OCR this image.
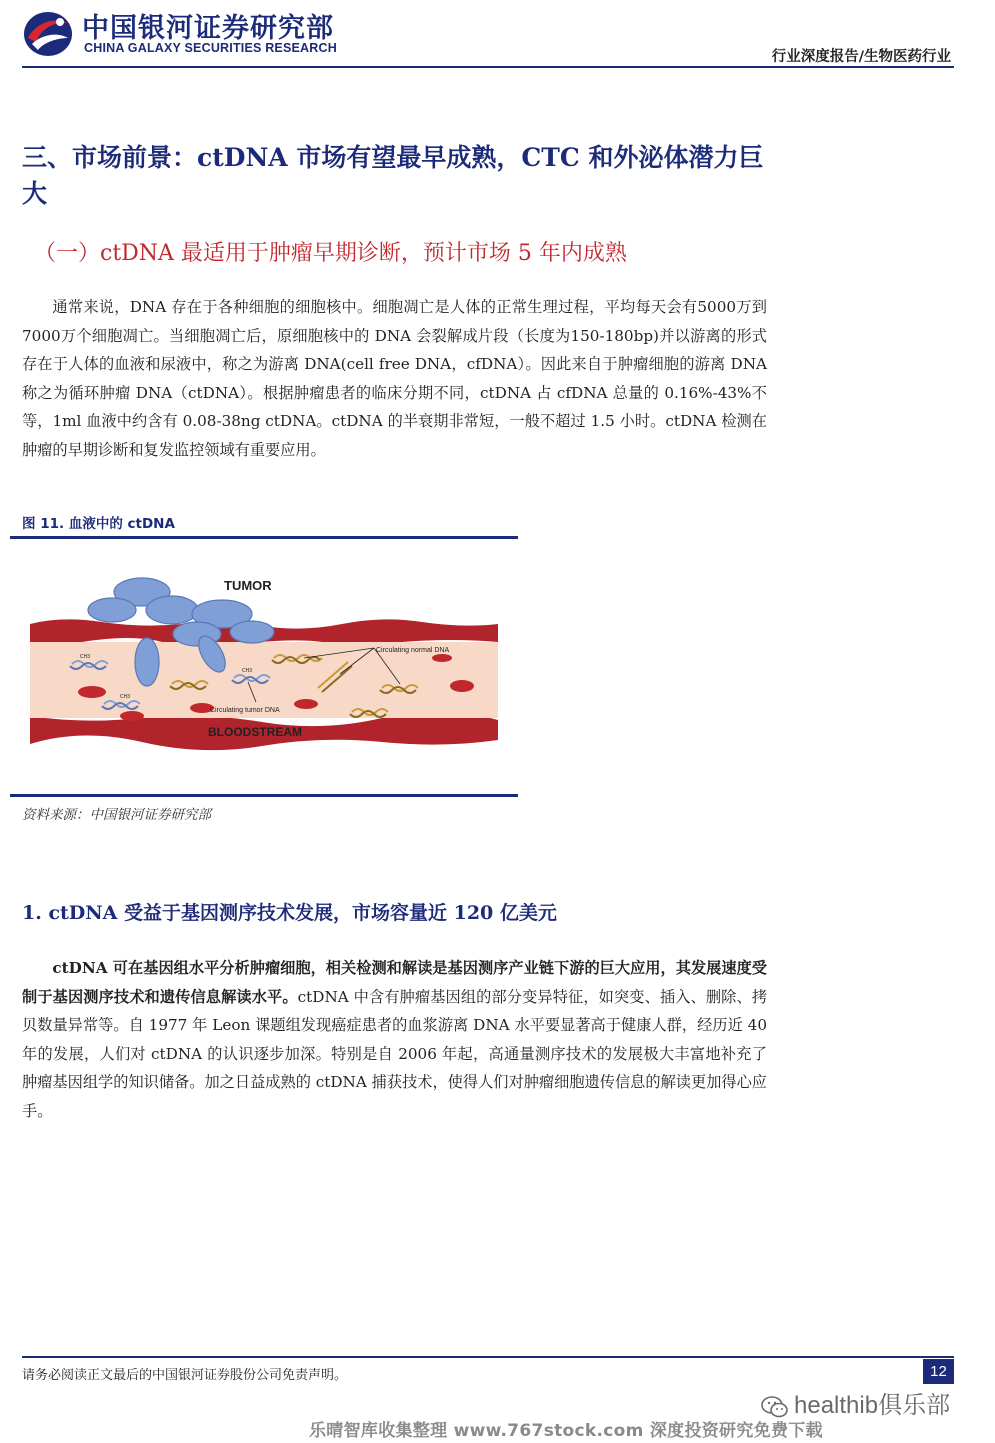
中国银河证券研究部
CHINA GALAXY SECURITIES RESEARCH
行业深度报告/生物医药行业
三、市场前景：ctDNA 市场有望最早成熟，CTC 和外泌体潜力巨大
（一）ctDNA 最适用于肿瘤早期诊断，预计市场 5 年内成熟

通常来说，DNA 存在于各种细胞的细胞核中。细胞凋亡是人体的正常生理过程，平均每天会有5000万到7000万个细胞凋亡。当细胞凋亡后，原细胞核中的 DNA 会裂解成片段（长度为150-180bp)并以游离的形式存在于人体的血液和尿液中，称之为游离 DNA(cell free DNA，cfDNA）。因此来自于肿瘤细胞的游离 DNA 称之为循环肿瘤 DNA（ctDNA）。根据肿瘤患者的临床分期不同，ctDNA 占 cfDNA 总量的 0.16%-43%不等，1ml 血液中约含有 0.08-38ng ctDNA。ctDNA 的半衰期非常短，一般不超过 1.5 小时。ctDNA 检测在肿瘤的早期诊断和复发监控领域有重要应用。

图 11. 血液中的 ctDNA
TUMOR
Circulating normal DNA
Circulating tumor DNA
BLOODSTREAM
CH3
CH3
CH3
资料来源：中国银河证券研究部
1. ctDNA 受益于基因测序技术发展，市场容量近 120 亿美元

ctDNA 可在基因组水平分析肿瘤细胞，相关检测和解读是基因测序产业链下游的巨大应用，其发展速度受制于基因测序技术和遗传信息解读水平。ctDNA 中含有肿瘤基因组的部分变异特征，如突变、插入、删除、拷贝数量异常等。自 1977 年 Leon 课题组发现癌症患者的血浆游离 DNA 水平要显著高于健康人群，经历近 40 年的发展，人们对 ctDNA 的认识逐步加深。特别是自 2006 年起，高通量测序技术的发展极大丰富地补充了肿瘤基因组学的知识储备。加之日益成熟的 ctDNA 捕获技术，使得人们对肿瘤细胞遗传信息的解读更加得心应手。

请务必阅读正文最后的中国银河证券股份公司免责声明。	12
healthib俱乐部
乐晴智库收集整理 www.767stock.com 深度投资研究免费下载
